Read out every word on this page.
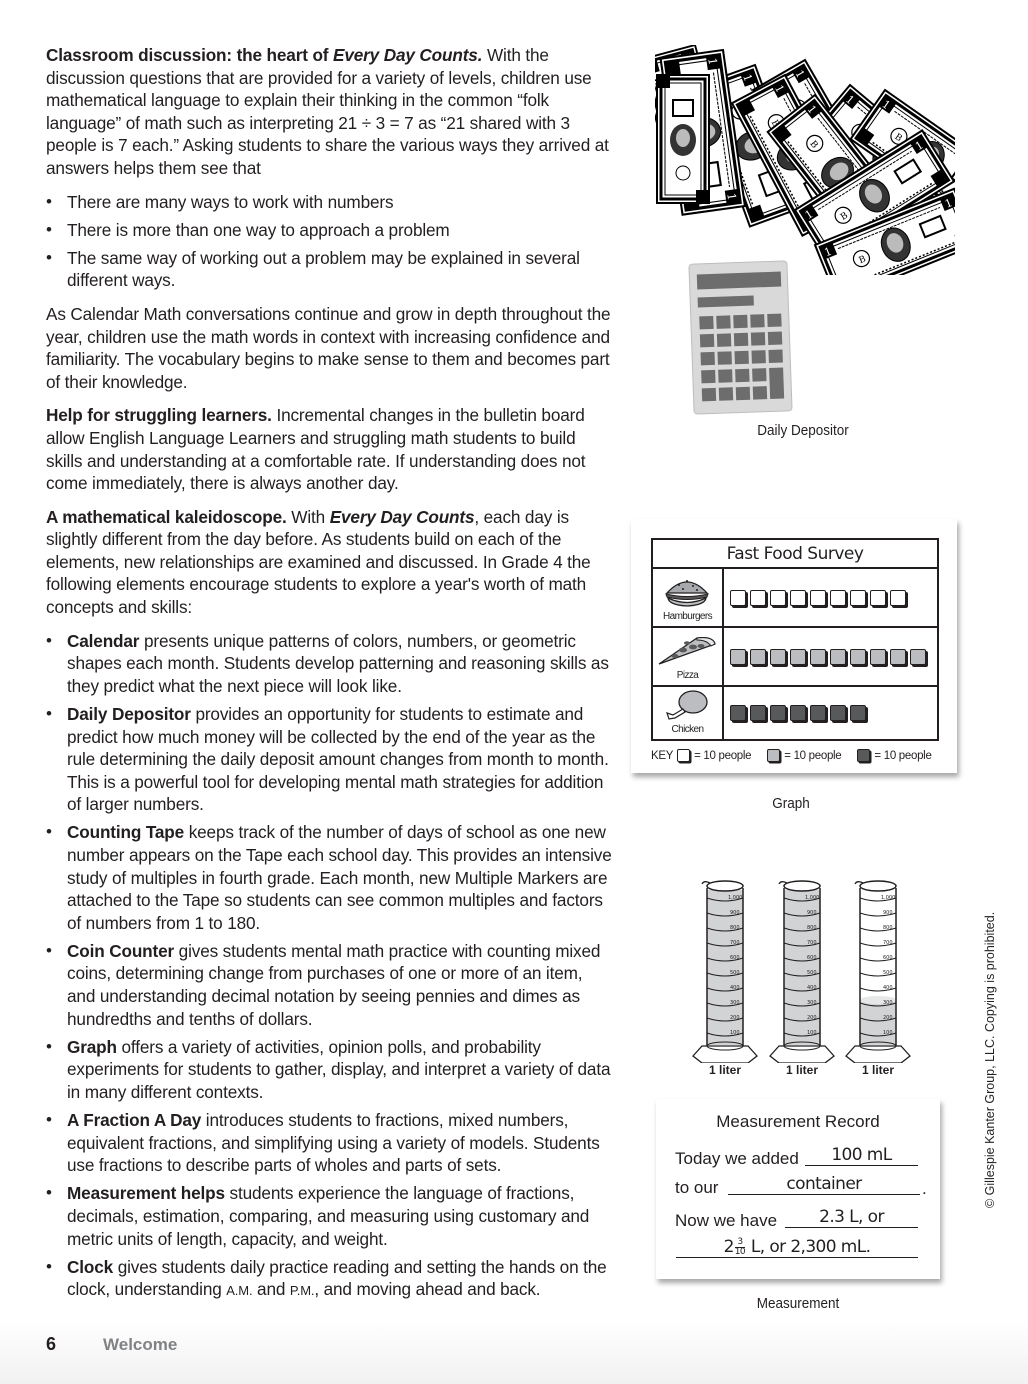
Classroom discussion: the heart of Every Day Counts. With the discussion questions that are provided for a variety of levels, children use mathematical language to explain their thinking in the common “folk language” of math such as interpreting 21 ÷ 3 = 7 as “21 shared with 3 people is 7 each.” Asking students to share the various ways they arrived at answers helps them see that

• There are many ways to work with numbers
• There is more than one way to approach a problem
• The same way of working out a problem may be explained in several different ways.

As Calendar Math conversations continue and grow in depth throughout the year, children use the math words in context with increasing confidence and familiarity. The vocabulary begins to make sense to them and becomes part of their knowledge.

Help for struggling learners. Incremental changes in the bulletin board allow English Language Learners and struggling math students to build skills and understanding at a comfortable rate. If understanding does not come immediately, there is always another day.

A mathematical kaleidoscope. With Every Day Counts, each day is slightly different from the day before. As students build on each of the elements, new relationships are examined and discussed. In Grade 4 the following elements encourage students to explore a year's worth of math concepts and skills:

• Calendar presents unique patterns of colors, numbers, or geometric shapes each month. Students develop patterning and reasoning skills as they predict what the next piece will look like.
• Daily Depositor provides an opportunity for students to estimate and predict how much money will be collected by the end of the year as the rule determining the daily deposit amount changes from month to month. This is a powerful tool for developing mental math strategies for addition of larger numbers.
• Counting Tape keeps track of the number of days of school as one new number appears on the Tape each school day. This provides an intensive study of multiples in fourth grade. Each month, new Multiple Markers are attached to the Tape so students can see common multiples and factors of numbers from 1 to 180.
• Coin Counter gives students mental math practice with counting mixed coins, determining change from purchases of one or more of an item, and understanding decimal notation by seeing pennies and dimes as hundredths and tenths of dollars.
• Graph offers a variety of activities, opinion polls, and probability experiments for students to gather, display, and interpret a variety of data in many different contexts.
• A Fraction A Day introduces students to fractions, mixed numbers, equivalent fractions, and simplifying using a variety of models. Students use fractions to describe parts of wholes and parts of sets.
• Measurement helps students experience the language of fractions, decimals, estimation, comparing, and measuring using customary and metric units of length, capacity, and weight.
• Clock gives students daily practice reading and setting the hands on the clock, understanding A.M. and P.M., and moving ahead and back.
1
Daily Depositor
Fast Food Survey
Hamburgers
Pizza
Chicken
KEY = 10 people	= 10 people	= 10 people
Graph
1,000
900
800
700
600
500
400
300
200
100
1,000
900
800
700
600
500
400
300
200
100
1,000
900
800
700
600
500
400
300
200
100
1 liter	1 liter	1 liter
Measurement Record
Today we added	100 mL
to our	container	.
Now we have	2.3 L, or
$2 \frac{3}{10} L$, or 2,300 mL.
Measurement
© Gillespie Kanter Group, LLC. Copying is prohibited.
6	Welcome
